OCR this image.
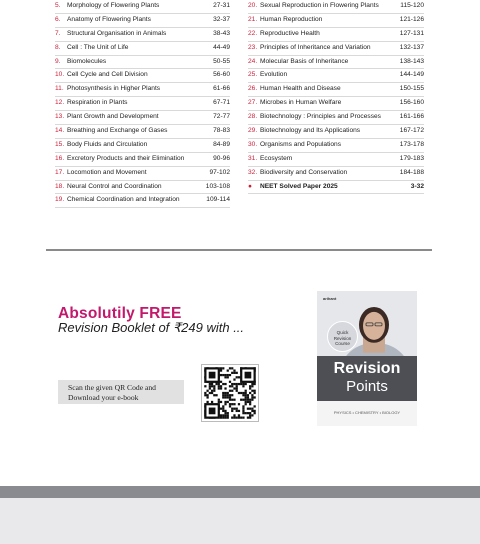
5. Morphology of Flowering Plants	27-31
6. Anatomy of Flowering Plants	32-37
7. Structural Organisation in Animals	38-43
8. Cell : The Unit of Life	44-49
9. Biomolecules	50-55
10. Cell Cycle and Cell Division	56-60
11. Photosynthesis in Higher Plants	61-66
12. Respiration in Plants	67-71
13. Plant Growth and Development	72-77
14. Breathing and Exchange of Gases	78-83
15. Body Fluids and Circulation	84-89
16. Excretory Products and their Elimination	90-96
17. Locomotion and Movement	97-102
18. Neural Control and Coordination	103-108
19. Chemical Coordination and Integration	109-114
20. Sexual Reproduction in Flowering Plants	115-120
21. Human Reproduction	121-126
22. Reproductive Health	127-131
23. Principles of Inheritance and Variation	132-137
24. Molecular Basis of Inheritance	138-143
25. Evolution	144-149
26. Human Health and Disease	150-155
27. Microbes in Human Welfare	156-160
28. Biotechnology : Principles and Processes	161-166
29. Biotechnology and Its Applications	167-172
30. Organisms and Populations	173-178
31. Ecosystem	179-183
32. Biodiversity and Conservation	184-188
● NEET Solved Paper 2025	3-32
Absolutily FREE
Revision Booklet of ₹249 with ...
Scan the given QR Code and
Download your e-book
arihant
Quick
Revision
Course
Revision
Points
PHYSICS • CHEMISTRY • BIOLOGY
